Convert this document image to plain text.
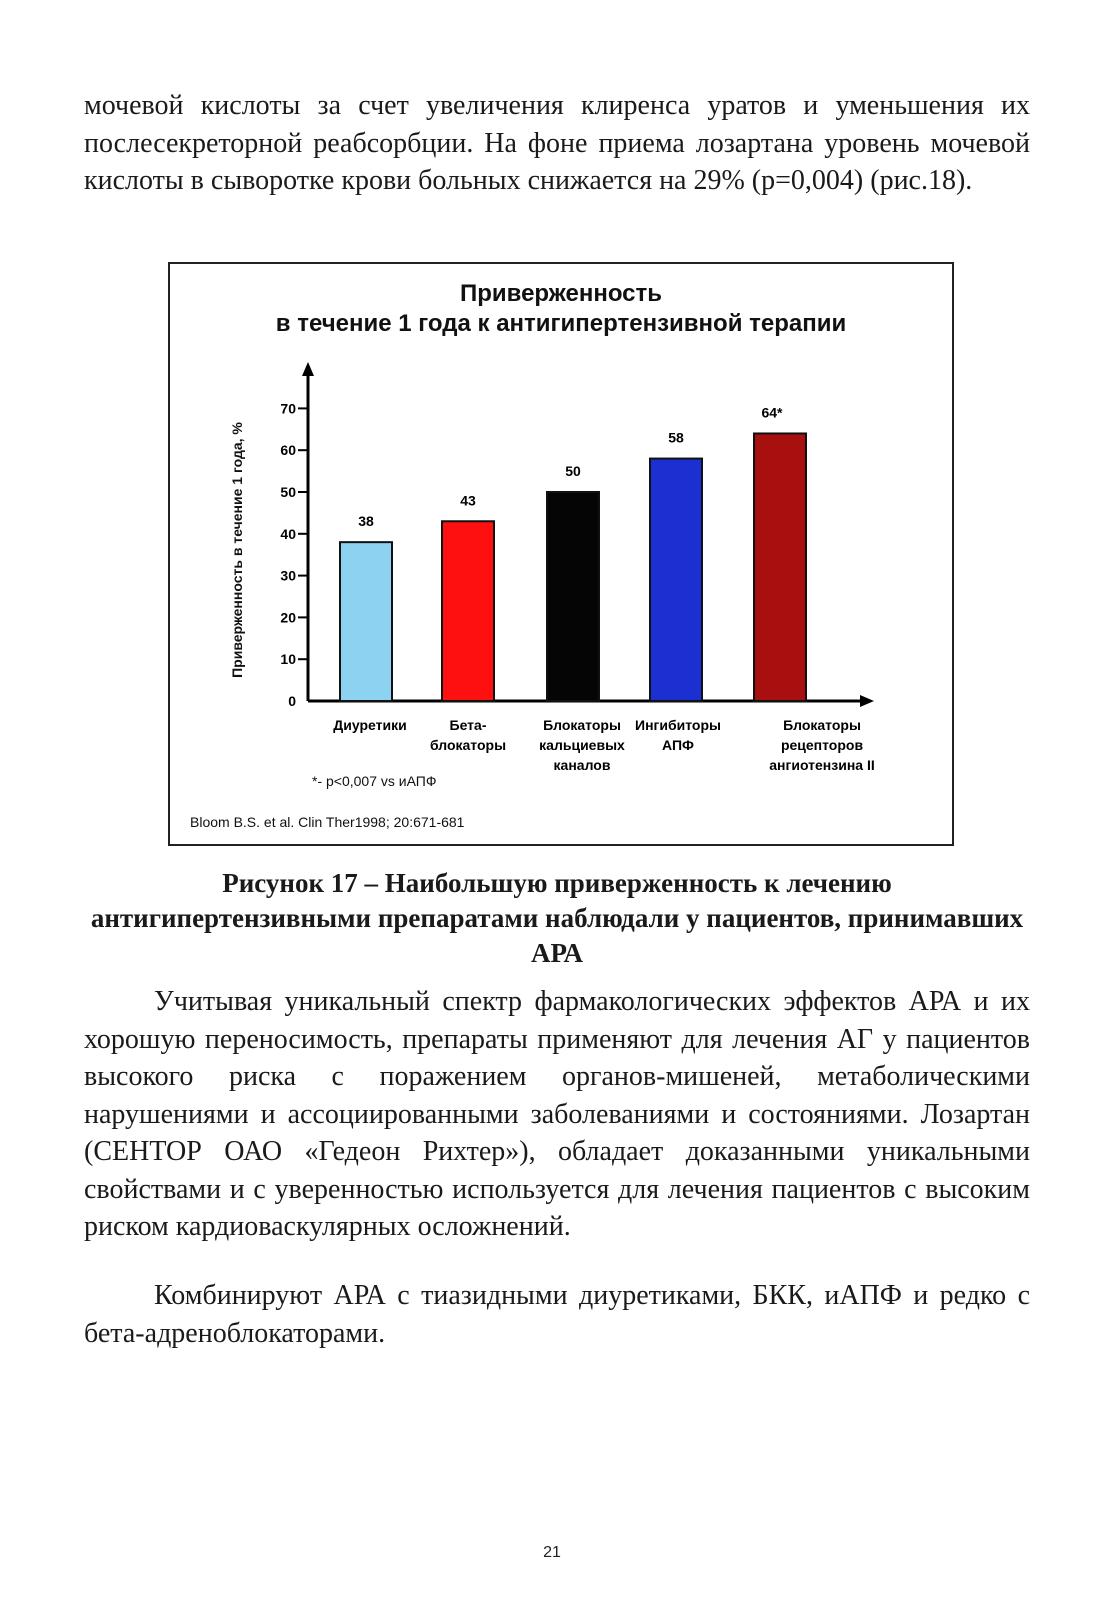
мочевой кислоты за счет увеличения клиренса уратов и уменьшения их послесекреторной реабсорбции. На фоне приема лозартана уровень мочевой кислоты в сыворотке крови больных снижается на 29% (р=0,004) (рис.18).

Приверженность
в течение 1 года к антигипертензивной терапии
0
10
20
30
40
50
60
70
Приверженность в течение 1 года, %	38
43
50
58
64*
Диуретики	Бета-
блокаторы
Блокаторы
кальциевых
каналов
Ингибиторы
АПФ
Блокаторы
рецепторов
ангиотензина II
*- p<0,007 vs иАПФ
Bloom B.S. et al. Clin Ther1998; 20:671-681
Рисунок 17 – Наибольшую приверженность к лечению антигипертензивными препаратами наблюдали у пациентов, принимавших АРА

Учитывая уникальный спектр фармакологических эффектов АРА и их хорошую переносимость, препараты применяют для лечения АГ у пациентов высокого риска с поражением органов-мишеней, метаболическими нарушениями и ассоциированными заболеваниями и состояниями. Лозартан (СЕНТОР ОАО «Гедеон Рихтер»), обладает доказанными уникальными свойствами и с уверенностью используется для лечения пациентов с высоким риском кардиоваскулярных осложнений.

Комбинируют АРА с тиазидными диуретиками, БКК, иАПФ и редко с бета-адреноблокаторами.

21
